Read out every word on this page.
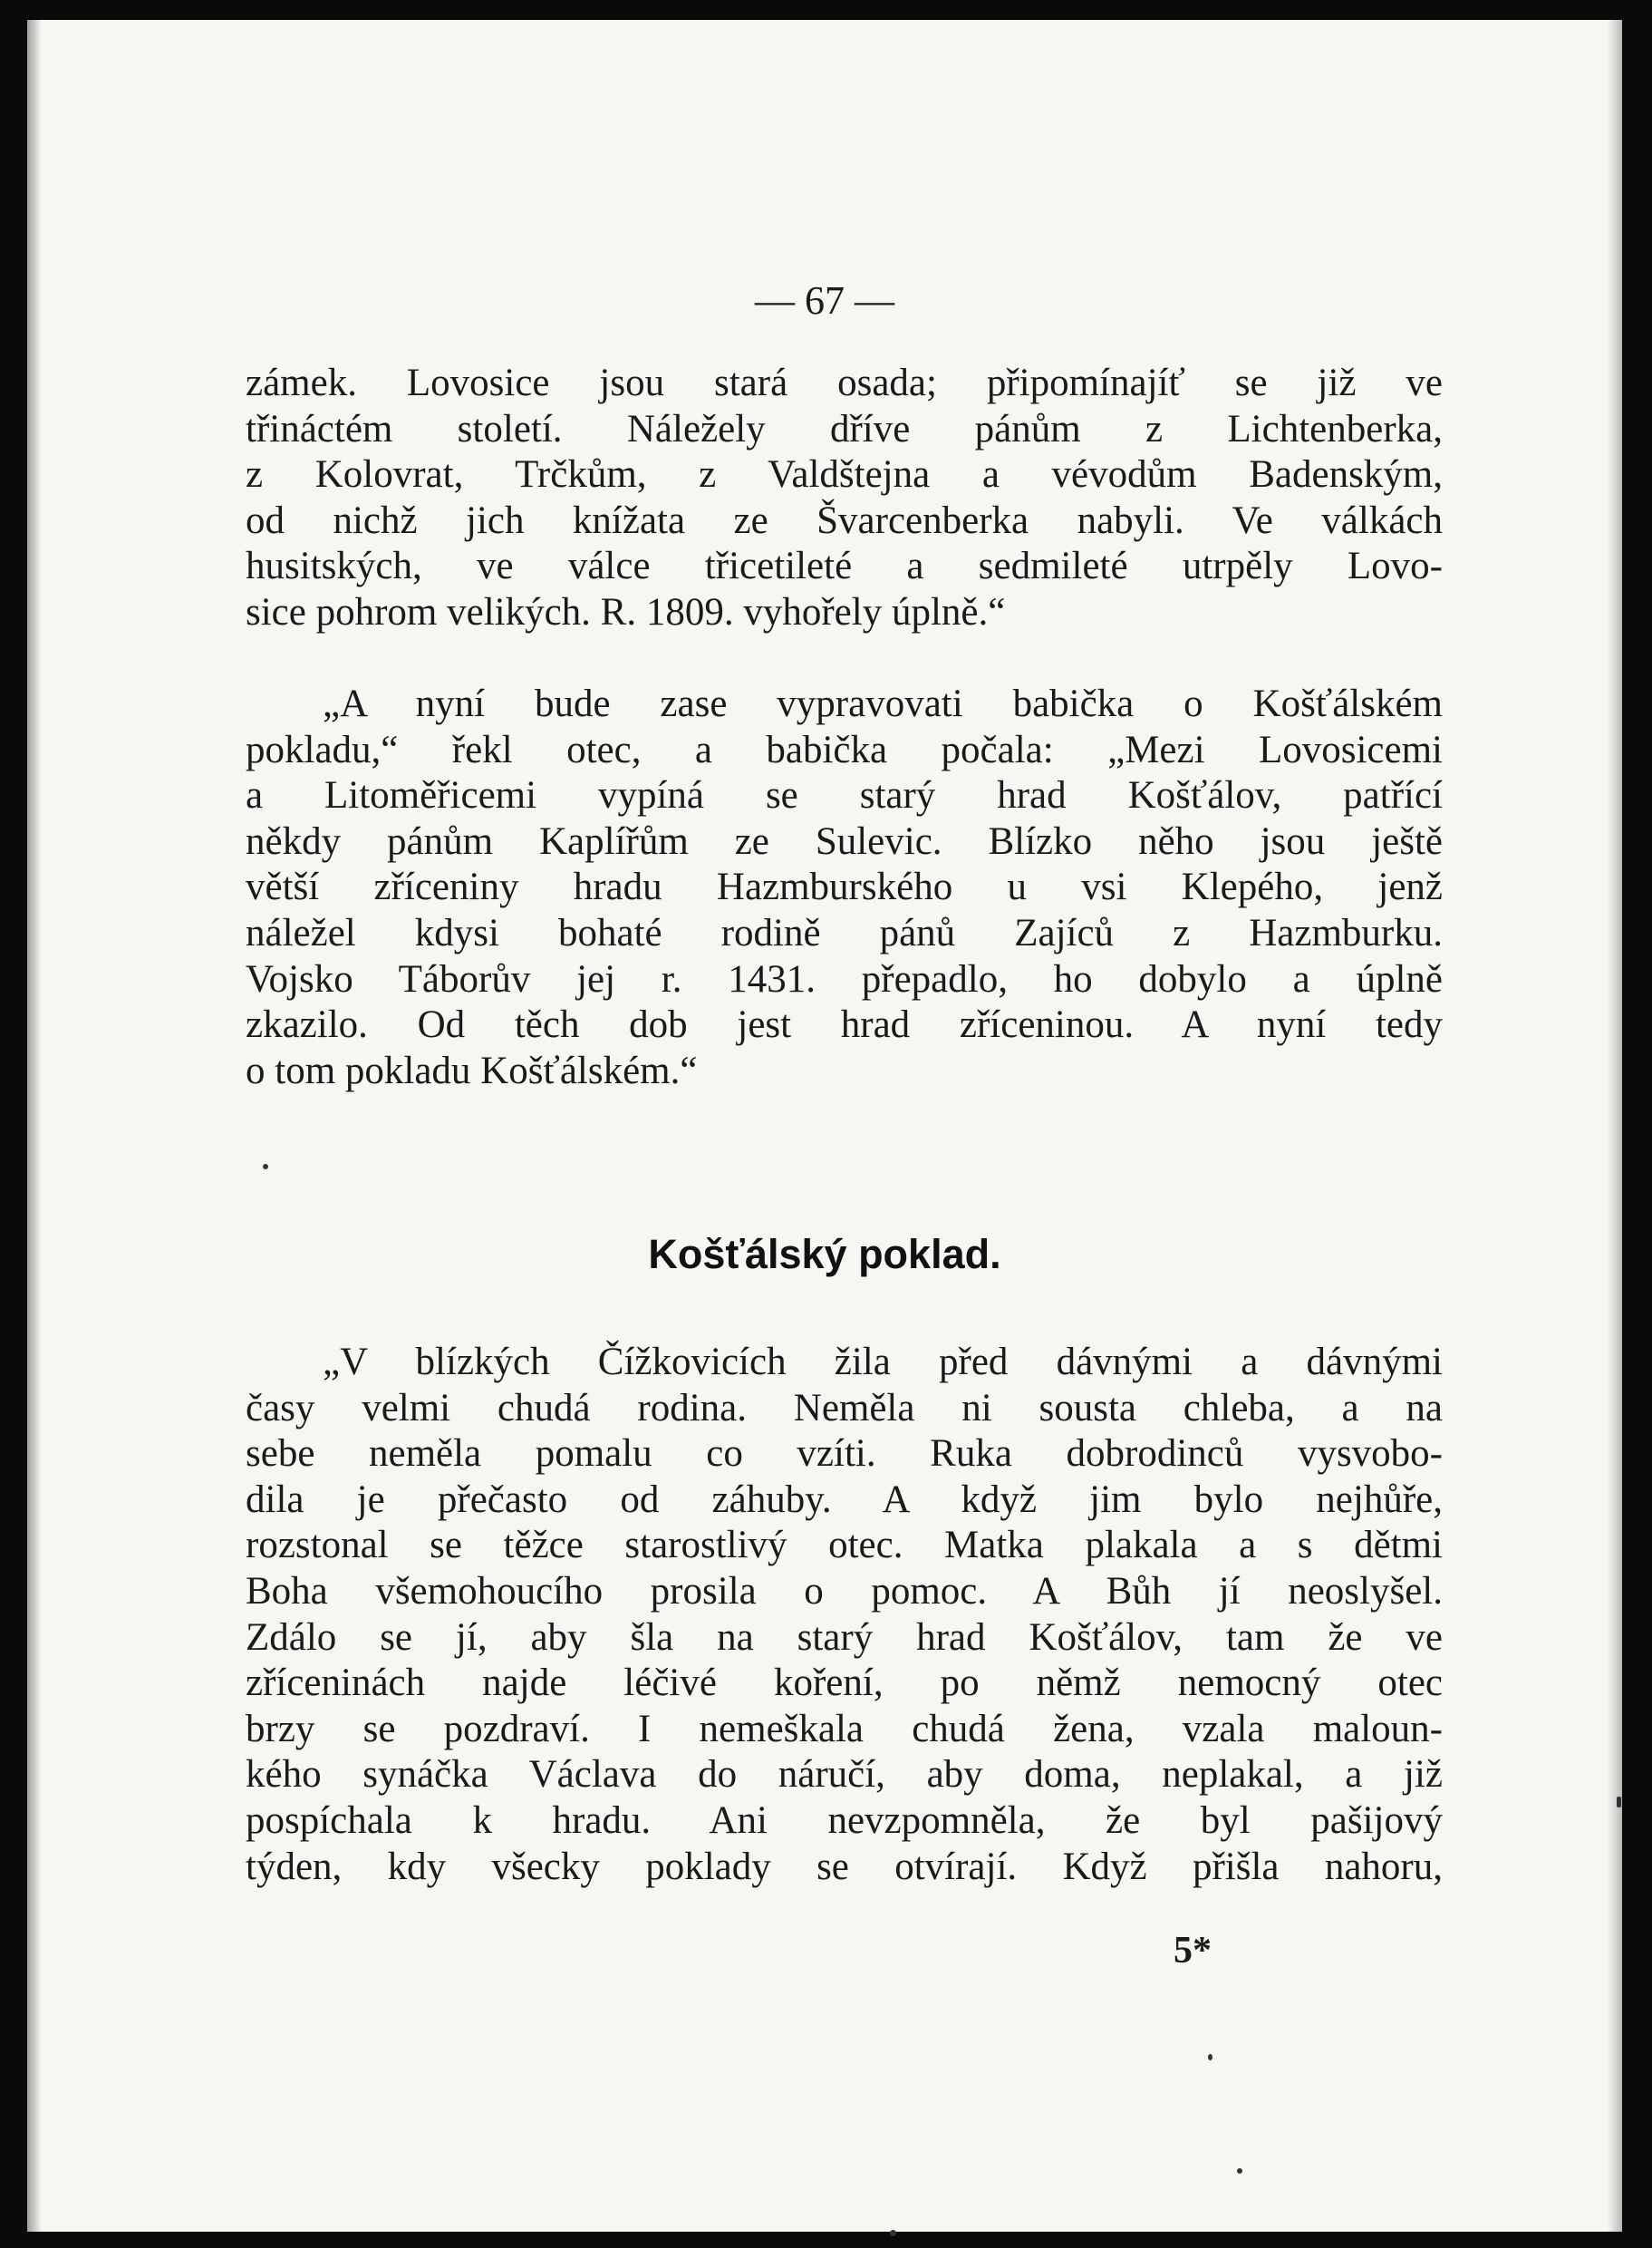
— 67 —

zámek. Lovosice jsou stará osada; připomínajíť se již ve

třináctém století. Náležely dříve pánům z Lichtenberka,

z Kolovrat, Trčkům, z Valdštejna a vévodům Badenským,

od nichž jich knížata ze Švarcenberka nabyli. Ve válkách

husitských, ve válce třicetileté a sedmileté utrpěly Lovo-

sice pohrom velikých. R. 1809. vyhořely úplně.“

„A nyní bude zase vypravovati babička o Košťálském

pokladu,“ řekl otec, a babička počala: „Mezi Lovosicemi

a Litoměřicemi vypíná se starý hrad Košťálov, patřící

někdy pánům Kaplířům ze Sulevic. Blízko něho jsou ještě

větší zříceniny hradu Hazmburského u vsi Klepého, jenž

náležel kdysi bohaté rodině pánů Zajíců z Hazmburku.

Vojsko Táborův jej r. 1431. přepadlo, ho dobylo a úplně

zkazilo. Od těch dob jest hrad zříceninou. A nyní tedy

o tom pokladu Košťálském.“

Košťálský poklad.

„V blízkých Čížkovicích žila před dávnými a dávnými

časy velmi chudá rodina. Neměla ni sousta chleba, a na

sebe neměla pomalu co vzíti. Ruka dobrodinců vysvobo-

dila je přečasto od záhuby. A když jim bylo nejhůře,

rozstonal se těžce starostlivý otec. Matka plakala a s dětmi

Boha všemohoucího prosila o pomoc. A Bůh jí neoslyšel.

Zdálo se jí, aby šla na starý hrad Košťálov, tam že ve

zříceninách najde léčivé koření, po němž nemocný otec

brzy se pozdraví. I nemeškala chudá žena, vzala maloun-

kého synáčka Václava do náručí, aby doma, neplakal, a již

pospíchala k hradu. Ani nevzpomněla, že byl pašijový

týden, kdy všecky poklady se otvírají. Když přišla nahoru,

5*
